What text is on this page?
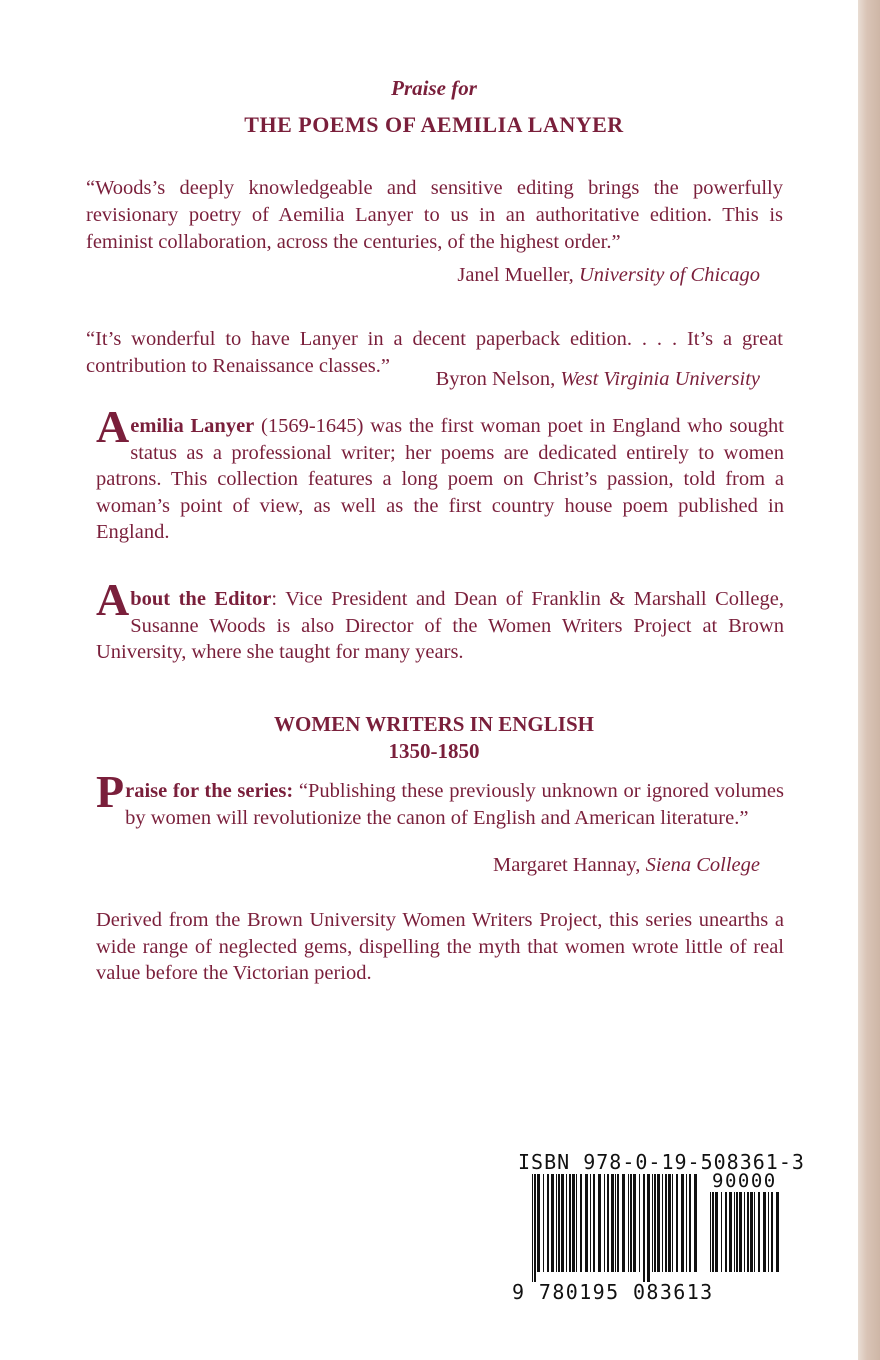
Praise for
THE POEMS OF AEMILIA LANYER
“Woods’s deeply knowledgeable and sensitive editing brings the powerfully revisionary poetry of Aemilia Lanyer to us in an authoritative edition. This is feminist collaboration, across the centuries, of the highest order.”
Janel Mueller, University of Chicago
“It’s wonderful to have Lanyer in a decent paperback edition. . . . It’s a great contribution to Renaissance classes.”
Byron Nelson, West Virginia University
Aemilia Lanyer (1569-1645) was the first woman poet in England who sought status as a professional writer; her poems are dedicated entirely to women patrons. This collection features a long poem on Christ’s passion, told from a woman’s point of view, as well as the first country house poem published in England.
About the Editor: Vice President and Dean of Franklin & Marshall College, Susanne Woods is also Director of the Women Writers Project at Brown University, where she taught for many years.
WOMEN WRITERS IN ENGLISH
1350-1850
Praise for the series: “Publishing these previously unknown or ignored volumes by women will revolutionize the canon of English and American literature.”
Margaret Hannay, Siena College
Derived from the Brown University Women Writers Project, this series unearths a wide range of neglected gems, dispelling the myth that women wrote little of real value before the Victorian period.
ISBN 978-0-19-508361-3
90000
9 780195 083613
